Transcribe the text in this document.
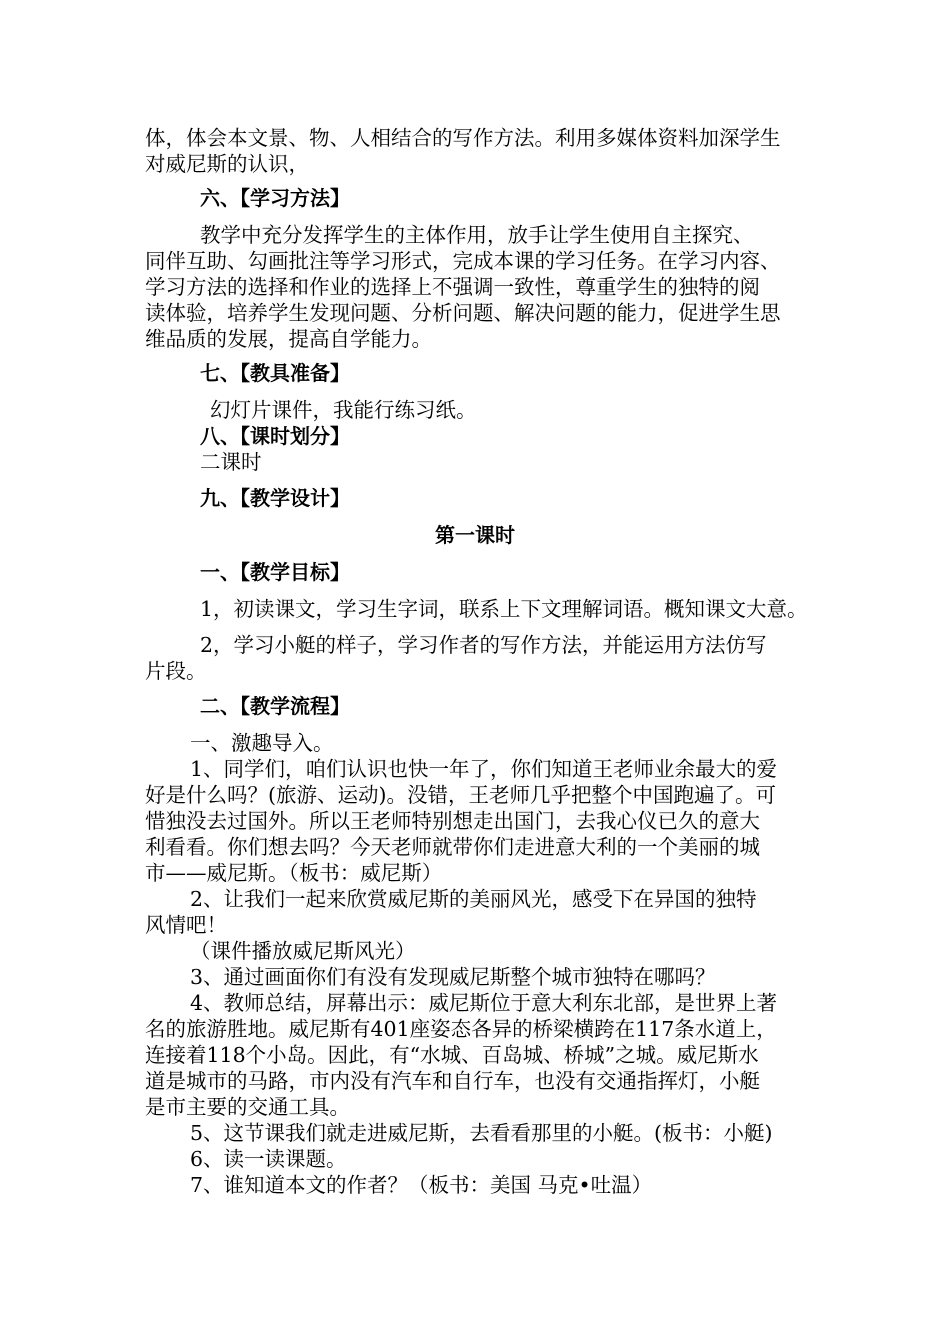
体，体会本文景、物、人相结合的写作方法。利用多媒体资料加深学生
对威尼斯的认识，
六、【学习方法】
教学中充分发挥学生的主体作用，放手让学生使用自主探究、
同伴互助、勾画批注等学习形式，完成本课的学习任务。在学习内容、
学习方法的选择和作业的选择上不强调一致性，尊重学生的独特的阅
读体验，培养学生发现问题、分析问题、解决问题的能力，促进学生思
维品质的发展，提高自学能力。
七、【教具准备】
幻灯片课件，我能行练习纸。
八、【课时划分】
二课时
九、【教学设计】
第一课时
一、【教学目标】
1，初读课文，学习生字词，联系上下文理解词语。概知课文大意。
2，学习小艇的样子，学习作者的写作方法，并能运用方法仿写
片段。
二、【教学流程】
一、激趣导入。
1、同学们，咱们认识也快一年了，你们知道王老师业余最大的爱
好是什么吗？(旅游、运动)。没错，王老师几乎把整个中国跑遍了。可
惜独没去过国外。所以王老师特别想走出国门，去我心仪已久的意大
利看看。你们想去吗？今天老师就带你们走进意大利的一个美丽的城
市——威尼斯。（板书：威尼斯）
2、让我们一起来欣赏威尼斯的美丽风光，感受下在异国的独特
风情吧！
（课件播放威尼斯风光）
3、通过画面你们有没有发现威尼斯整个城市独特在哪吗？
4、教师总结，屏幕出示：威尼斯位于意大利东北部，是世界上著
名的旅游胜地。威尼斯有401座姿态各异的桥梁横跨在117条水道上，
连接着118个小岛。因此，有“水城、百岛城、桥城”之城。威尼斯水
道是城市的马路，市内没有汽车和自行车，也没有交通指挥灯，小艇
是市主要的交通工具。
5、这节课我们就走进威尼斯，去看看那里的小艇。(板书：小艇)
6、读一读课题。
7、谁知道本文的作者？（板书：美国 马克•吐温）
